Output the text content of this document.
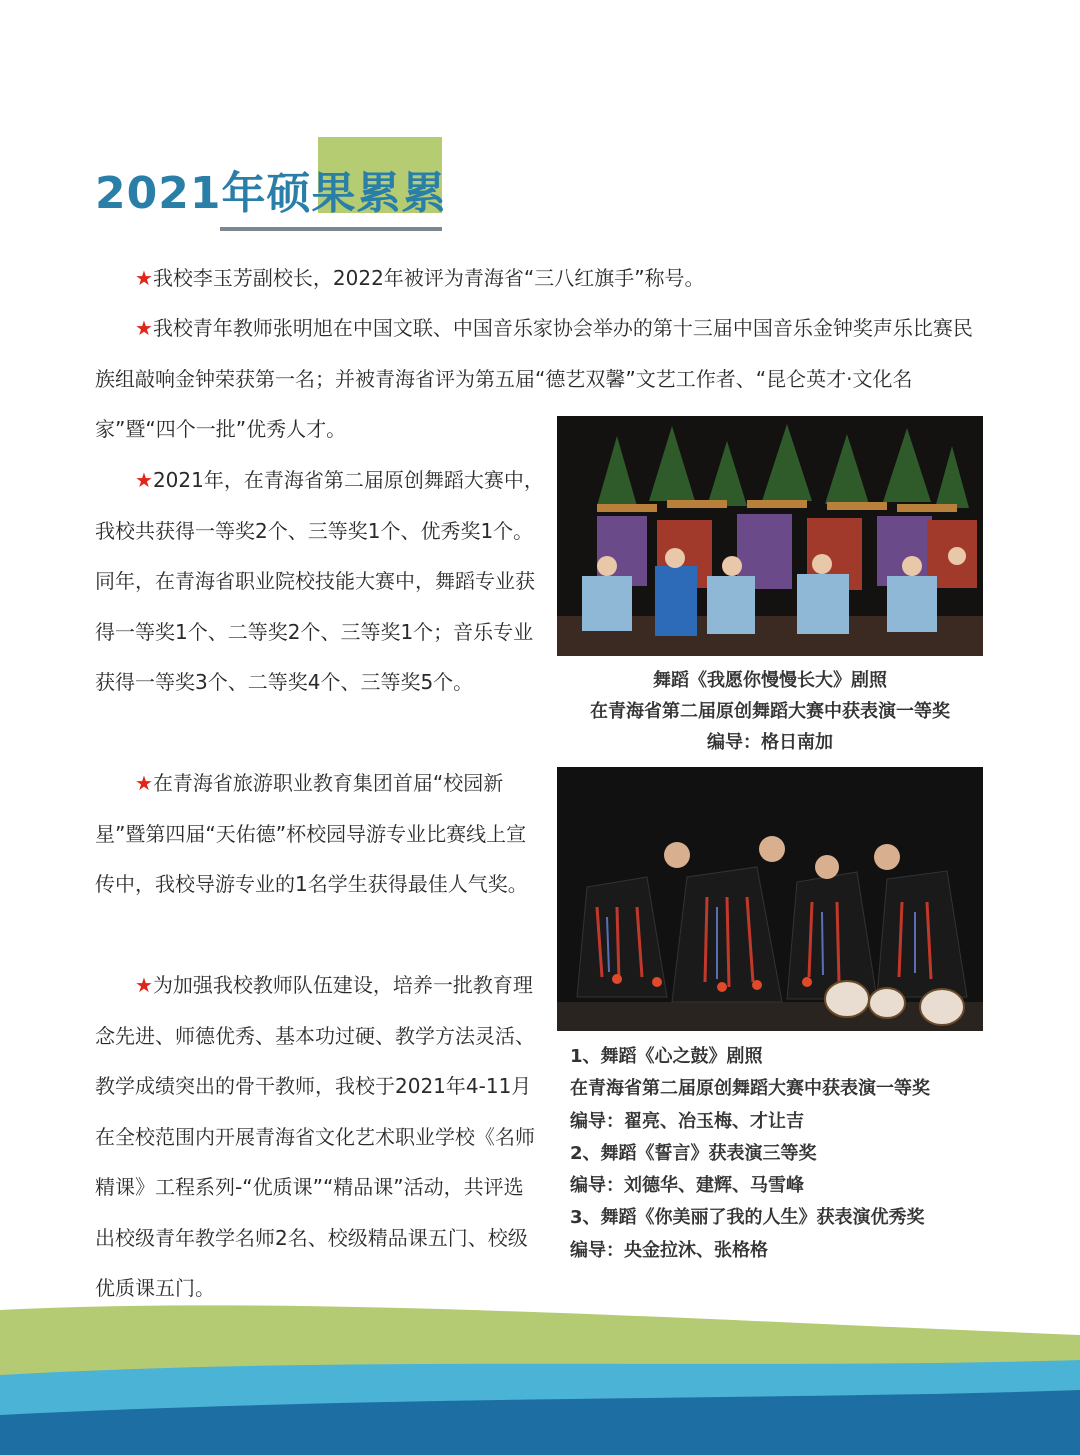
2021年硕果累累

★我校李玉芳副校长，2022年被评为青海省“三八红旗手”称号。

★我校青年教师张明旭在中国文联、中国音乐家协会举办的第十三届中国音乐金钟奖声乐比赛民族组敲响金钟荣获第一名；并被青海省评为第五届“德艺双馨”文艺工作者、“昆仑英才·文化名家”暨“四个一批”优秀人才。

★2021年，在青海省第二届原创舞蹈大赛中，我校共获得一等奖2个、三等奖1个、优秀奖1个。同年，在青海省职业院校技能大赛中，舞蹈专业获得一等奖1个、二等奖2个、三等奖1个；音乐专业获得一等奖3个、二等奖4个、三等奖5个。

★在青海省旅游职业教育集团首届“校园新星”暨第四届“天佑德”杯校园导游专业比赛线上宣传中，我校导游专业的1名学生获得最佳人气奖。

★为加强我校教师队伍建设，培养一批教育理念先进、师德优秀、基本功过硬、教学方法灵活、教学成绩突出的骨干教师，我校于2021年4-11月在全校范围内开展青海省文化艺术职业学校《名师精课》工程系列-“优质课”“精品课”活动，共评选出校级青年教学名师2名、校级精品课五门、校级优质课五门。

舞蹈《我愿你慢慢长大》剧照
在青海省第二届原创舞蹈大赛中获表演一等奖
编导：格日南加
1、舞蹈《心之鼓》剧照
在青海省第二届原创舞蹈大赛中获表演一等奖
编导：翟亮、冶玉梅、才让吉
2、舞蹈《誓言》获表演三等奖
编导：刘德华、建辉、马雪峰
3、舞蹈《你美丽了我的人生》获表演优秀奖
编导：央金拉沐、张格格
